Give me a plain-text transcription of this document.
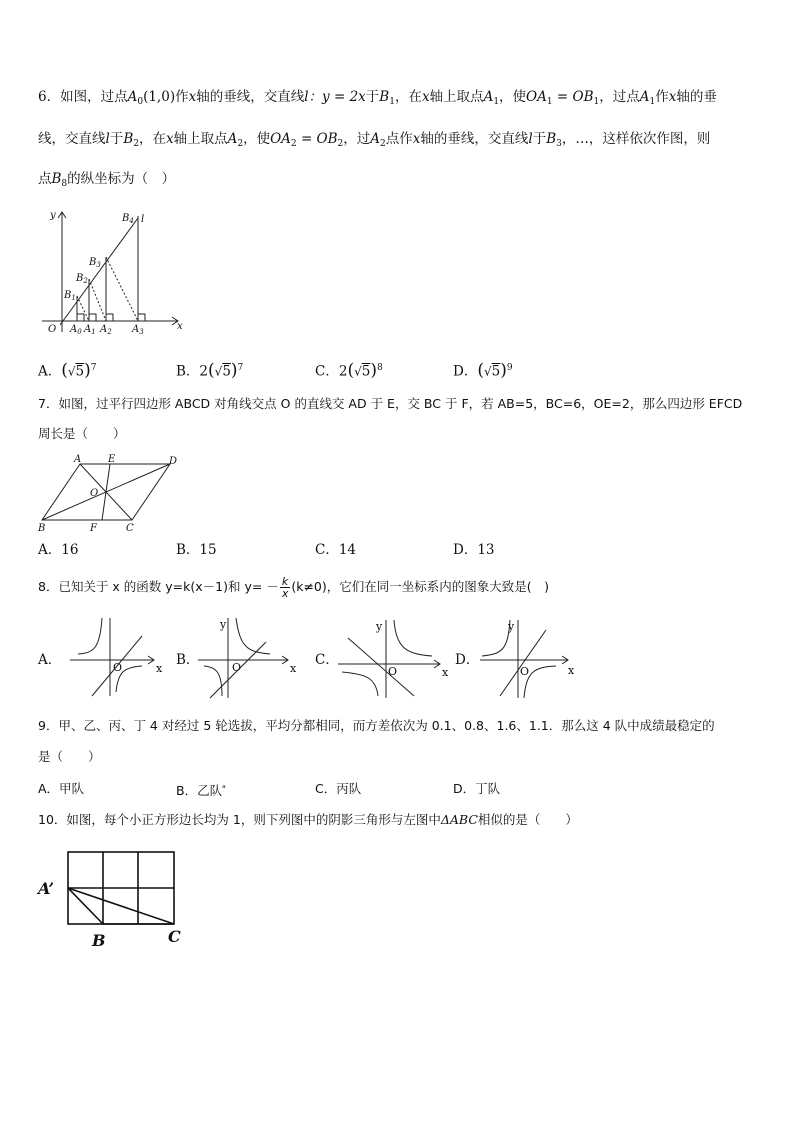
6．如图，过点$A_0(1,0)$作x轴的垂线，交直线l：y = 2x于$B_1$，在x轴上取点$A_1$，使$OA_1 = OB_1$，过点$A_1$作x轴的垂
线，交直线l于$B_2$，在x轴上取点$A_2$，使$OA_2 = OB_2$，过$A_2$点作x轴的垂线，交直线l于$B_3$，…，这样依次作图，则
点$B_8$的纵坐标为（　）
y
x
l
O $A_0$ $A_1$ $A_2$ $A_3$
$B_1$
$B_2$
$B_3$
$B_4$
A．$(√5)^7$	B．$2(√5)^7$	C．$2(√5)^8$	D．$(√5)^9$
7．如图，过平行四边形 ABCD 对角线交点 O 的直线交 AD 于 E，交 BC 于 F，若 AB=5，BC=6，OE=2，那么四边形 EFCD
周长是（　　）
A	E	D
O
B	F	C
A．16	B．15	C．14	D．13
8．已知关于 x 的函数 y=k(x－1)和 $y= - \frac{k}{x} (k\ne 0)$，它们在同一坐标系内的图象大致是(　)
A．
x
O	B．
x
y
O	C．
x
y
O
D．
x
y
O
9．甲、乙、丙、丁 4 对经过 5 轮选拔，平均分都相同，而方差依次为 0.1、0.8、1.6、1.1．那么这 4 队中成绩最稳定的
是（　　）
A．甲队	B．乙队$^ᵃ$	C．丙队	D．丁队
10．如图，每个小正方形边长均为 1，则下列图中的阴影三角形与左图中ΔABC相似的是（　　）
A’
B	C
